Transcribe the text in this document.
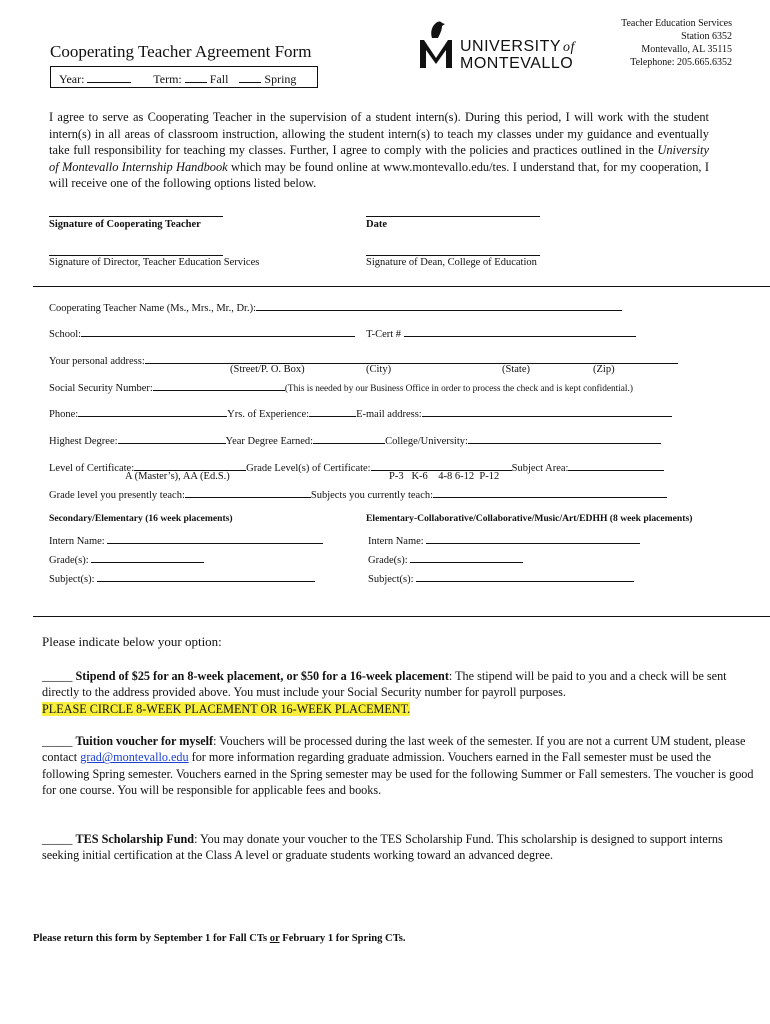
Cooperating Teacher Agreement Form
Year:	Term: Fall	Spring
UNIVERSITY of
MONTEVALLO
Teacher Education Services
Station 6352
Montevallo, AL 35115
Telephone: 205.665.6352
I agree to serve as Cooperating Teacher in the supervision of a student intern(s). During this period, I will work with the student intern(s) in all areas of classroom instruction, allowing the student intern(s) to teach my classes under my guidance and eventually take full responsibility for teaching my classes. Further, I agree to comply with the policies and practices outlined in the University of Montevallo Internship Handbook which may be found online at www.montevallo.edu/tes. I understand that, for my cooperation, I will receive one of the following options listed below.
Signature of Cooperating Teacher	Date
Signature of Director, Teacher Education Services	Signature of Dean, College of Education
Cooperating Teacher Name (Ms., Mrs., Mr., Dr.):
School:	T-Cert #
Your personal address:
(Street/P. O. Box)	(City)	(State)	(Zip)
Social Security Number:	(This is needed by our Business Office in order to process the check and is kept confidential.)
Phone:	Yrs. of Experience:	E-mail address:
Highest Degree:	Year Degree Earned:	College/University:
Level of Certificate:	Grade Level(s) of Certificate:	Subject Area:
A (Master’s), AA (Ed.S.)	P-3   K-6    4-8 6-12  P-12
Grade level you presently teach:	Subjects you currently teach:
Secondary/Elementary (16 week placements)	Elementary-Collaborative/Collaborative/Music/Art/EDHH (8 week placements)
Intern Name:	Intern Name:
Grade(s):	Grade(s):
Subject(s):	Subject(s):
Please indicate below your option:
_____ Stipend of $25 for an 8-week placement, or $50 for a 16-week placement: The stipend will be paid to you and a check will be sent directly to the address provided above. You must include your Social Security number for payroll purposes.
PLEASE CIRCLE 8-WEEK PLACEMENT OR 16-WEEK PLACEMENT.
_____ Tuition voucher for myself: Vouchers will be processed during the last week of the semester. If you are not a current UM student, please contact grad@montevallo.edu for more information regarding graduate admission. Vouchers earned in the Fall semester must be used the following Spring semester. Vouchers earned in the Spring semester may be used for the following Summer or Fall semesters. The voucher is good for one course. You will be responsible for applicable fees and books.
_____ TES Scholarship Fund: You may donate your voucher to the TES Scholarship Fund. This scholarship is designed to support interns seeking initial certification at the Class A level or graduate students working toward an advanced degree.
Please return this form by September 1 for Fall CTs or February 1 for Spring CTs.
